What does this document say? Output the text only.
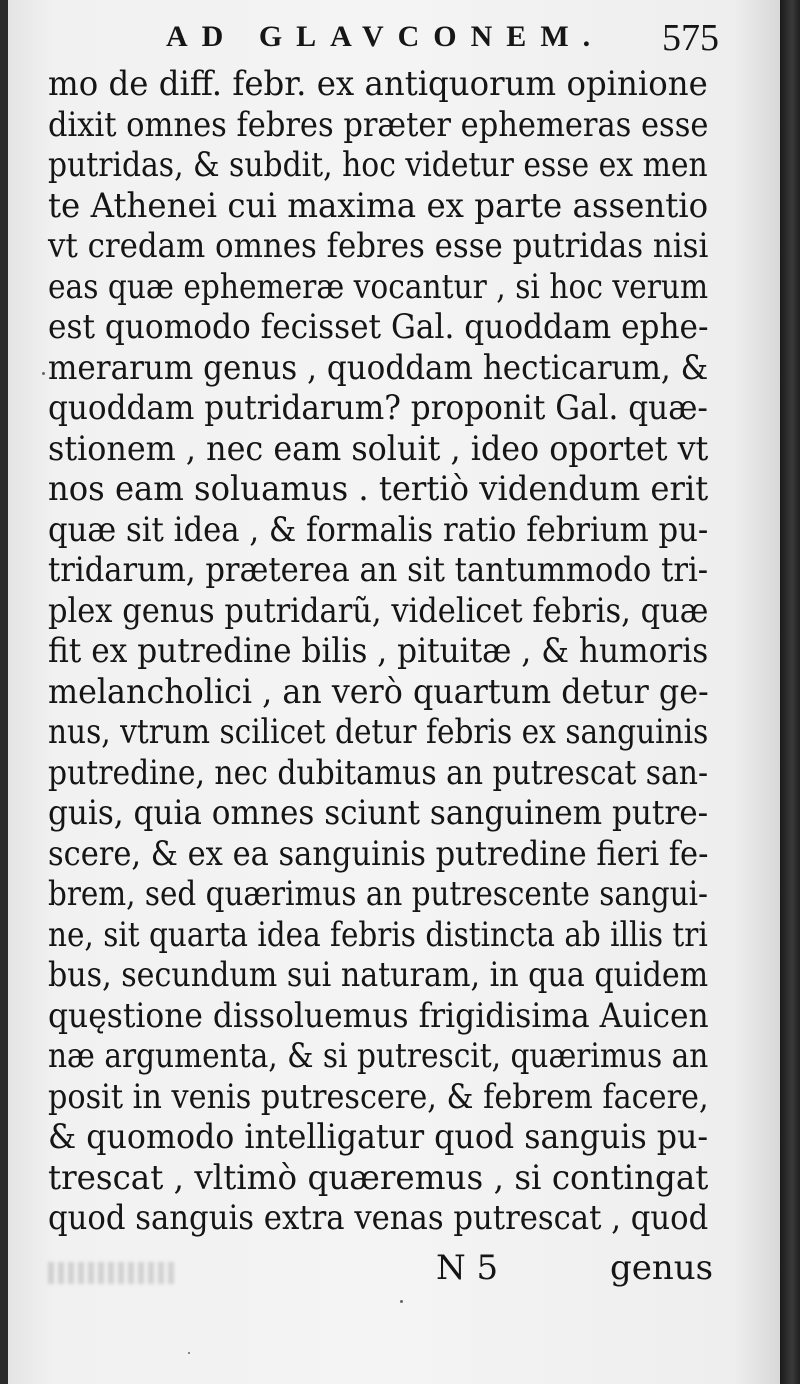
AD GLAVCONEM. 575
mo de diff. febr. ex antiquorum opinione
dixit omnes febres præter ephemeras esse
putridas, & subdit, hoc videtur esse ex men
te Athenei cui maxima ex parte assentio
vt credam omnes febres esse putridas nisi
eas quæ ephemeræ vocantur , si hoc verum
est quomodo fecisset Gal. quoddam ephe-
merarum genus , quoddam hecticarum, &
quoddam putridarum? proponit Gal. quæ-
stionem , nec eam soluit , ideo oportet vt
nos eam soluamus . tertiò videndum erit
quæ sit idea , & formalis ratio febrium pu-
tridarum, præterea an sit tantummodo tri-
plex genus putridarũ, videlicet febris, quæ
fit ex putredine bilis , pituitæ , & humoris
melancholici , an verò quartum detur ge-
nus, vtrum scilicet detur febris ex sanguinis
putredine, nec dubitamus an putrescat san-
guis, quia omnes sciunt sanguinem putre-
scere, & ex ea sanguinis putredine fieri fe-
brem, sed quærimus an putrescente sangui-
ne, sit quarta idea febris distincta ab illis tri
bus, secundum sui naturam, in qua quidem
quęstione dissoluemus frigidisima Auicen
næ argumenta, & si putrescit, quærimus an
posit in venis putrescere, & febrem facere,
& quomodo intelligatur quod sanguis pu-
trescat , vltimò quæremus , si contingat
quod sanguis extra venas putrescat , quod
N 5	genus
